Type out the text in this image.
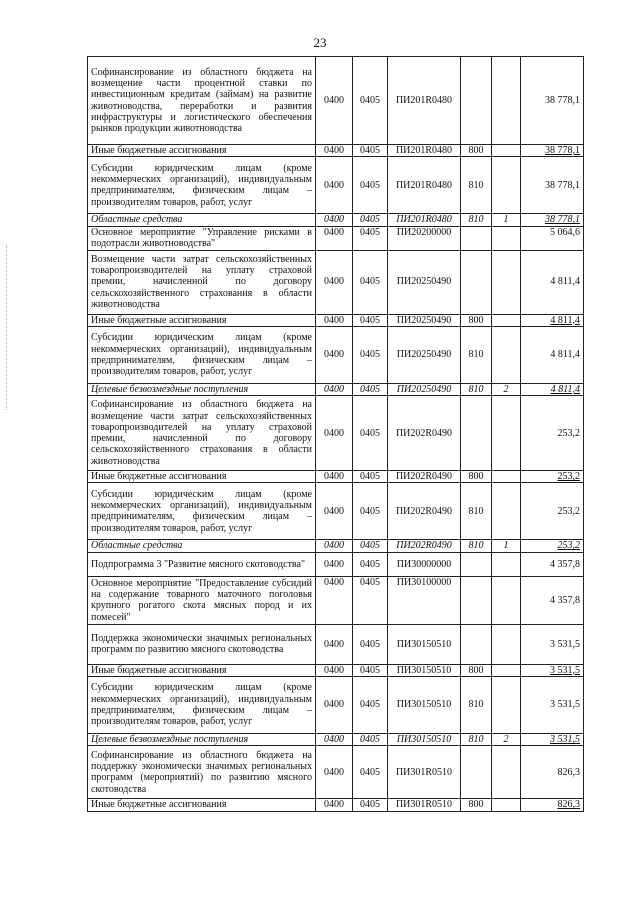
23
Софинансирование из областного бюджета на возмещение части процентной ставки по инвестиционным кредитам (займам) на развитие животноводства, переработки и развития инфраструктуры и логистического обеспечения рынков продукции животноводства	0400	0405	ПИ201R0480			38 778,1
Иные бюджетные ассигнования	0400	0405	ПИ201R0480	800		38 778,1
Субсидии юридическим лицам (кроме некоммерческих организаций), индивидуальным предпринимателям, физическим лицам – производителям товаров, работ, услуг	0400	0405	ПИ201R0480	810		38 778,1
Областные средства	0400	0405	ПИ201R0480	810	1	38 778,1
Основное мероприятие "Управление рисками в подотрасли животноводства"	0400	0405	ПИ20200000			5 064,6
Возмещение части затрат сельскохозяйственных товаропроизводителей на уплату страховой премии, начисленной по договору сельскохозяйственного страхования в области животноводства	0400	0405	ПИ20250490			4 811,4
Иные бюджетные ассигнования	0400	0405	ПИ20250490	800		4 811,4
Субсидии юридическим лицам (кроме некоммерческих организаций), индивидуальным предпринимателям, физическим лицам – производителям товаров, работ, услуг	0400	0405	ПИ20250490	810		4 811,4
Целевые безвозмездные поступления	0400	0405	ПИ20250490	810	2	4 811,4
Софинансирование из областного бюджета на возмещение части затрат сельскохозяйственных товаропроизводителей на уплату страховой премии, начисленной по договору сельскохозяйственного страхования в области животноводства	0400	0405	ПИ202R0490			253,2
Иные бюджетные ассигнования	0400	0405	ПИ202R0490	800		253,2
Субсидии юридическим лицам (кроме некоммерческих организаций), индивидуальным предпринимателям, физическим лицам – производителям товаров, работ, услуг	0400	0405	ПИ202R0490	810		253,2
Областные средства	0400	0405	ПИ202R0490	810	1	253,2
Подпрограмма 3 "Развитие мясного скотоводства"	0400	0405	ПИ30000000			4 357,8
Основное мероприятие "Предоставление субсидий на содержание товарного маточного поголовья крупного рогатого скота мясных пород и их помесей"	0400	0405	ПИ30100000			4 357,8
Поддержка экономически значимых региональных программ по развитию мясного скотоводства	0400	0405	ПИ30150510			3 531,5
Иные бюджетные ассигнования	0400	0405	ПИ30150510	800		3 531,5
Субсидии юридическим лицам (кроме некоммерческих организаций), индивидуальным предпринимателям, физическим лицам – производителям товаров, работ, услуг	0400	0405	ПИ30150510	810		3 531,5
Целевые безвозмездные поступления	0400	0405	ПИ30150510	810	2	3 531,5
Софинансирование из областного бюджета на поддержку экономически значимых региональных программ (мероприятий) по развитию мясного скотоводства	0400	0405	ПИ301R0510			826,3
Иные бюджетные ассигнования	0400	0405	ПИ301R0510	800		826,3
